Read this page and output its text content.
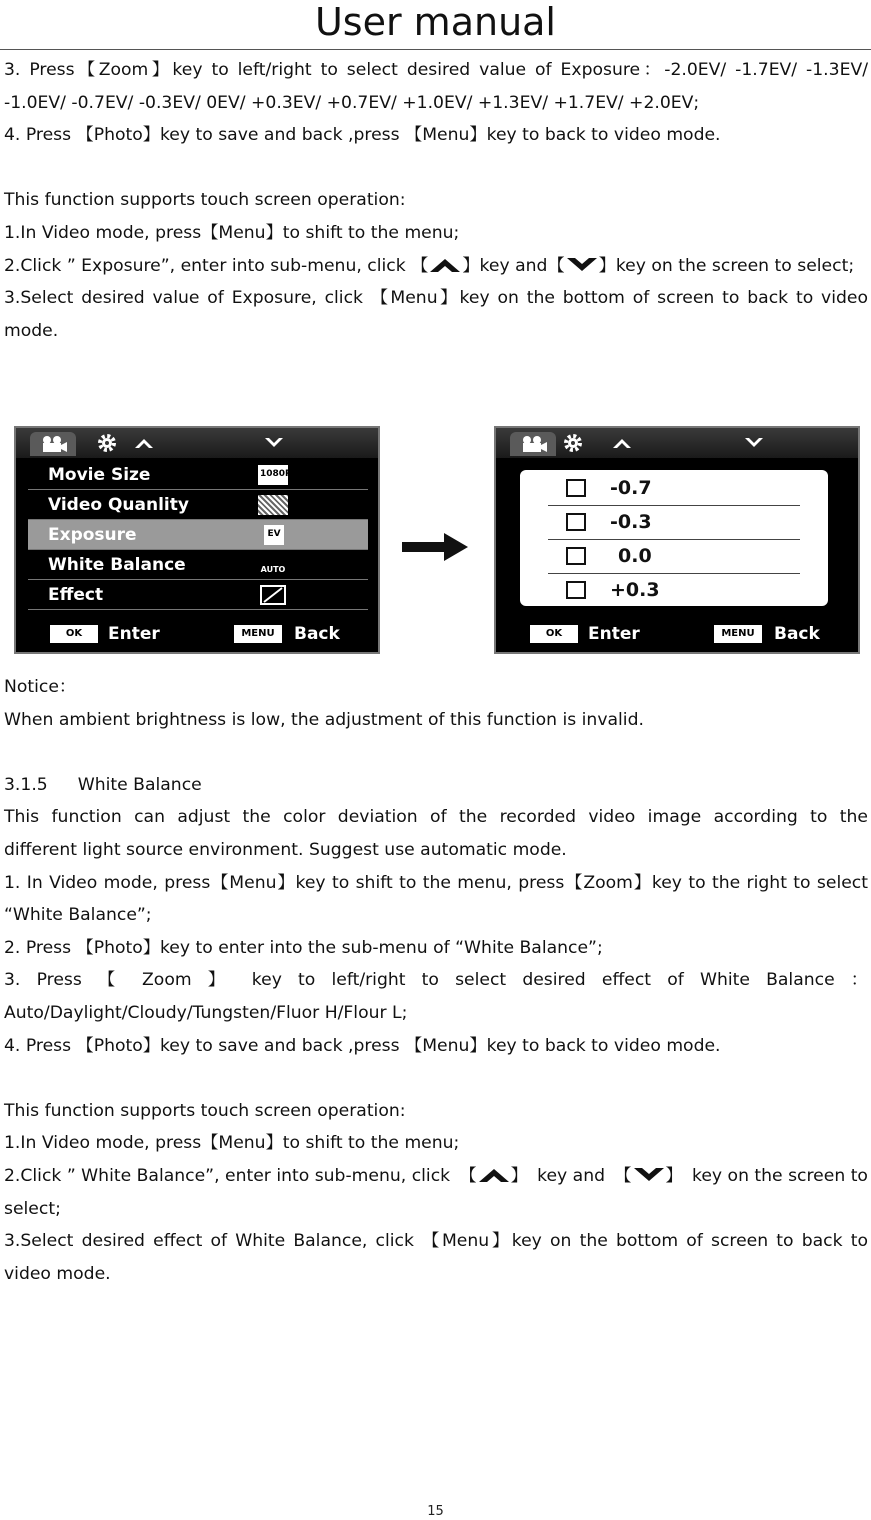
User manual
3. Press【Zoom】key to left/right to select desired value of Exposure：-2.0EV/ -1.7EV/ -1.3EV/
-1.0EV/ -0.7EV/ -0.3EV/ 0EV/ +0.3EV/ +0.7EV/ +1.0EV/ +1.3EV/ +1.7EV/ +2.0EV;
4. Press 【Photo】key to save and back ,press 【Menu】key to back to video mode.
This function supports touch screen operation:
1.In Video mode, press【Menu】to shift to the menu;
2.Click ” Exposure”, enter into sub-menu, click 【 】key and【 】key on the screen to select;
3.Select desired value of Exposure, click 【Menu】key on the bottom of screen to back to video
mode.
Movie Size	1080P
Video Quanlity
Exposure	EV
White Balance	AUTO
Effect
OK	Enter	MENU	Back
-0.7
-0.3
0.0
+0.3
OK	Enter	MENU	Back
Notice：
When ambient brightness is low, the adjustment of this function is invalid.
3.1.5 White Balance
This function can adjust the color deviation of the recorded video image according to the
different light source environment. Suggest use automatic mode.
1. In Video mode, press【Menu】key to shift to the menu, press【Zoom】key to the right to select
“White Balance”;
2. Press 【Photo】key to enter into the sub-menu of “White Balance”;
3. Press 【 Zoom 】 key to left/right to select desired effect of White Balance ：
Auto/Daylight/Cloudy/Tungsten/Fluor H/Flour L;
4. Press 【Photo】key to save and back ,press 【Menu】key to back to video mode.
This function supports touch screen operation:
1.In Video mode, press【Menu】to shift to the menu;
2.Click ” White Balance”, enter into sub-menu, click 【 】 key and 【 】 key on the screen to
select;
3.Select desired effect of White Balance, click 【Menu】key on the bottom of screen to back to
video mode.
15
